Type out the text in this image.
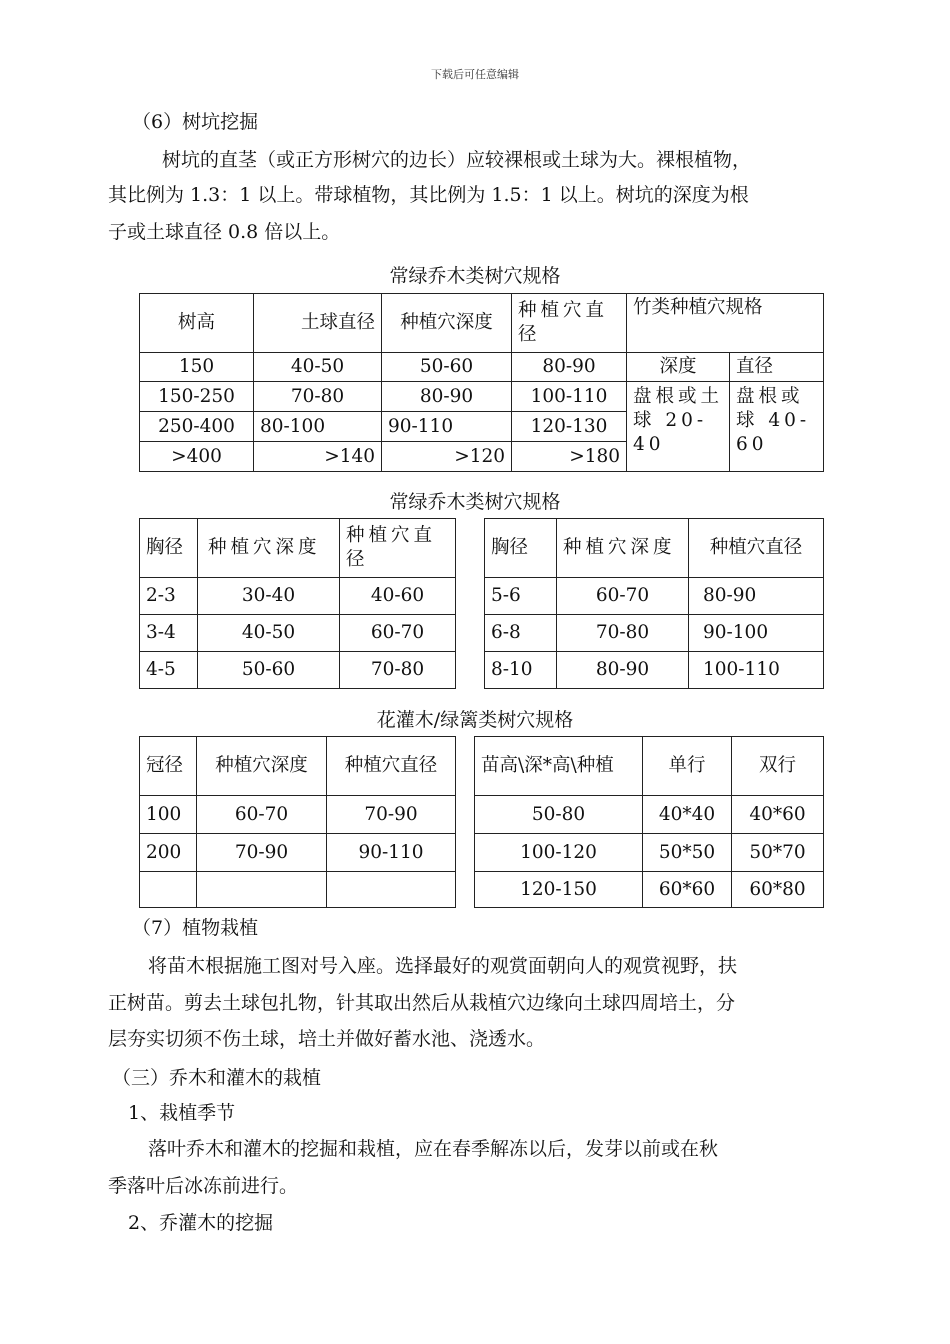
下载后可任意编辑
（6）树坑挖掘
树坑的直茎（或正方形树穴的边长）应较裸根或土球为大。裸根植物，
其比例为 1.3：1 以上。带球植物，其比例为 1.5：1 以上。树坑的深度为根
子或土球直径 0.8 倍以上。
常绿乔木类树穴规格
树高	土球直径	种植穴深度	种植穴直径	竹类种植穴规格	
150	40-50	50-60	80-90	深度	直径
150-250	70-80	80-90	100-110	盘根或土球 20-40	盘根或球 40-60
250-400	80-100	90-110	120-130		
>400	>140	>120	>180		
常绿乔木类树穴规格
胸径	种植穴深度	种植穴直径
2-3	30-40	40-60
3-4	40-50	60-70
4-5	50-60	70-80
胸径	种植穴深度	种植穴直径
5-6	60-70	80-90
6-8	70-80	90-100
8-10	80-90	100-110
花灌木/绿篱类树穴规格
冠径	种植穴深度	种植穴直径
100	60-70	70-90
200	70-90	90-110

苗高\深*高\种植	单行	双行
50-80	40*40	40*60
100-120	50*50	50*70
120-150	60*60	60*80
（7）植物栽植
将苗木根据施工图对号入座。选择最好的观赏面朝向人的观赏视野，扶
正树苗。剪去土球包扎物，针其取出然后从栽植穴边缘向土球四周培土，分
层夯实切须不伤土球，培土并做好蓄水池、浇透水。
（三）乔木和灌木的栽植
1、栽植季节
落叶乔木和灌木的挖掘和栽植，应在春季解冻以后，发芽以前或在秋
季落叶后冰冻前进行。
2、乔灌木的挖掘
